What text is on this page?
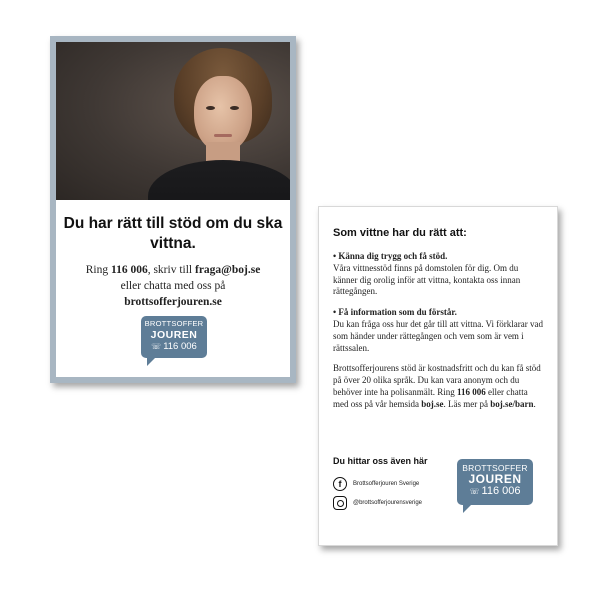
Du har rätt till stöd om du ska vittna.
Ring 116 006, skriv till fraga@boj.se
eller chatta med oss på
brottsofferjouren.se
BROTTSOFFER
JOUREN
☏ 116 006
Som vittne har du rätt att:
• Känna dig trygg och få stöd.
Våra vittnesstöd finns på domstolen för dig. Om du känner dig orolig inför att vittna, kontakta oss innan rättegången.
• Få information som du förstår.
Du kan fråga oss hur det går till att vittna. Vi förklarar vad som händer under rättegången och vem som är vem i rättssalen.
Brottsofferjourens stöd är kostnadsfritt och du kan få stöd på över 20 olika språk. Du kan vara anonym och du behöver inte ha polisanmält. Ring 116 006 eller chatta med oss på vår hemsida boj.se. Läs mer på boj.se/barn.
Du hittar oss även här
f	Brottsofferjouren Sverige
@brottsofferjourensverige
BROTTSOFFER
JOUREN
☏ 116 006
